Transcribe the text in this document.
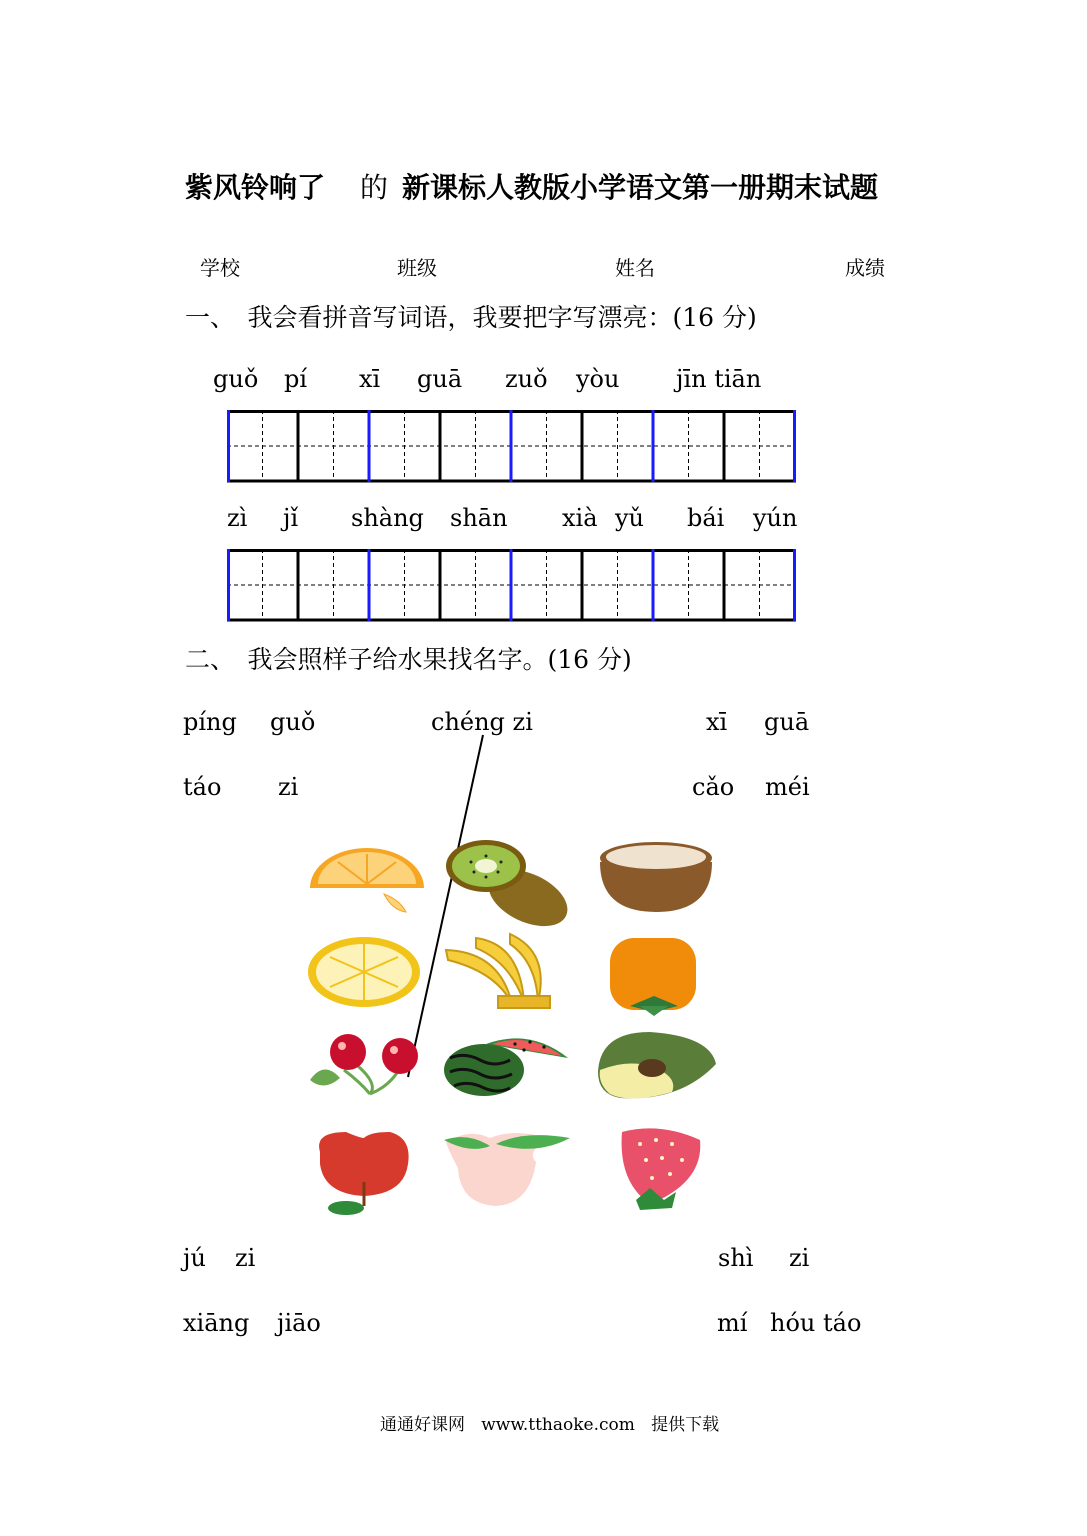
紫风铃响了 的 新课标人教版小学语文第一册期末试题
学校	班级	姓名	成绩
一、　我会看拼音写词语，我要把字写漂亮：(16 分)
guǒ pí xī guā zuǒ yòu jīn tiān
zì jǐ shàng shān xià yǔ bái yún
二、　我会照样子给水果找名字。(16 分)
píng guǒ	chéng zi	xī guā
táo zi	cǎo méi
jú zi	shì zi
xiāng jiāo	mí hóu táo
通通好课网 www.tthaoke.com 提供下载
